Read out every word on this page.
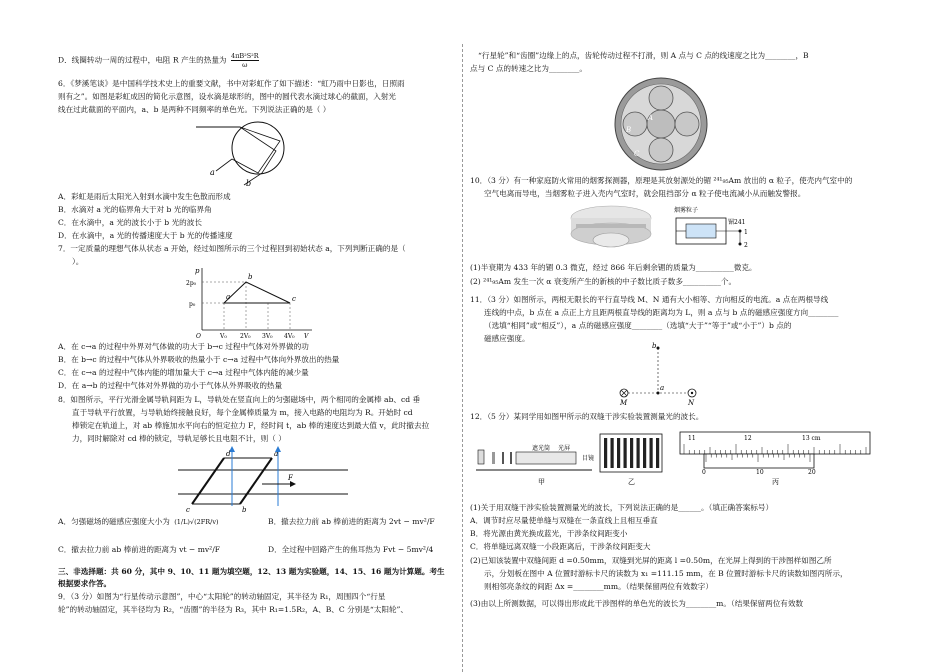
D．线圈转动一周的过程中，电阻 R 产生的热量为 $\frac{\text{4πB²S²R}}{\omega}$
6．《梦溪笔谈》是中国科学技术史上的重要文献，书中对彩虹作了如下描述：“虹乃雨中日影也，日照雨
则有之”。如图是彩虹成因的简化示意图，设水滴是球形的，图中的圆代表水滴过球心的截面，入射光
线在过此截面的平面内，a、b 是两种不同频率的单色光。下列说法正确的是（ ）
a
b
A．彩虹是雨后太阳光入射到水滴中发生色散而形成
B．水滴对 a 光的临界角大于对 b 光的临界角
C．在水滴中，a 光的波长小于 b 光的波长
D．在水滴中，a 光的传播速度大于 b 光的传播速度
7．一定质量的理想气体从状态 a 开始，经过如图所示的三个过程回到初始状态 a，下列判断正确的是（
）。
p
2p₀
p₀
O	V₀ 2V₀ 3V₀ 4V₀ V
a
b
c
A．在 c→a 的过程中外界对气体做的功大于 b→c 过程中气体对外界做的功
B．在 b→c 的过程中气体从外界吸收的热量小于 c→a 过程中气体向外界放出的热量
C．在 c→a 的过程中气体内能的增加量大于 c→a 过程中气体内能的减少量
D．在 a→b 的过程中气体对外界做的功小于气体从外界吸收的热量
8．如图所示，平行光滑金属导轨间距为 L，导轨处在竖直向上的匀强磁场中，两个相同的金属棒 ab、cd 垂
直于导轨平行放置，与导轨始终接触良好，每个金属棒质量为 m，接入电路的电阻均为 R。开始时 cd
棒锁定在轨道上，对 ab 棒施加水平向右的恒定拉力 F，经时间 t，ab 棒的速度达到最大值 v，此时撤去拉
力，同时解除对 cd 棒的锁定，导轨足够长且电阻不计，则（ ）
a
b
c
d
F
A．匀强磁场的磁感应强度大小为 (1/L)√(2FR/v)	B．撤去拉力前 ab 棒前进的距离为 2vt − mv²/F
C．撤去拉力前 ab 棒前进的距离为 vt − mv²/F	D．全过程中回路产生的焦耳热为 Fvt − 5mv²/4
三、非选择题：共 60 分，其中 9、10、11 题为填空题，12、13 题为实验题，14、15、16 题为计算题。考生
根据要求作答。
9．（3 分）如图为“行星传动示意图”，中心“太阳轮”的转动轴固定，其半径为 R₁，周围四个“行星
轮”的转动轴固定，其半径均为 R₂，“齿圈”的半径为 R₃，其中 R₁=1.5R₂，A、B、C 分别是“太阳轮”、
“行星轮”和“齿圈”边缘上的点，齿轮传动过程不打滑，则 A 点与 C 点的线速度之比为________，B
点与 C 点的转速之比为________。
A
B
C
10．（3 分）有一种家庭防火常用的烟雾探测器，原理是其放射源处的镅 ²⁴¹₉₅Am 放出的 α 粒子，使壳内气室中的
空气电离而导电，当烟雾粒子进入壳内气室时，就会阻挡部分 α 粒子使电流减小从而触发警报。
烟雾粒子
镅241
1
2
(1)半衰期为 433 年的镅 0.3 微克，经过 866 年后剩余镅的质量为__________微克。
(2) ²⁴¹₉₅Am 发生一次 α 衰变所产生的新核的中子数比质子数多__________个。
11．（3 分）如图所示，两根无限长的平行直导线 M、N 通有大小相等、方向相反的电流。a 点在两根导线
连线的中点，b 点在 a 点正上方且距两根直导线的距离均为 L，则 a 点与 b 点的磁感应强度方向________
（选填“相同”或“相反”），a 点的磁感应强度________（选填“大于”“等于”或“小于”）b 点的
磁感应强度。
b
a
M	N
12．（5 分）某同学用如图甲所示的双缝干涉实验装置测量光的波长。
遮光筒 光屏
目镜
甲	乙
11	12	13 cm
0	10	20
丙
(1)关于用双缝干涉实验装置测量光的波长，下列说法正确的是______。（填正确答案标号）
A．调节时应尽量使单缝与双缝在一条直线上且相互垂直
B．将光源由黄光换成蓝光，干涉条纹间距变小
C．将单缝远离双缝一小段距离后，干涉条纹间距变大
(2)已知该装置中双缝间距 d =0.50mm，双缝到光屏的距离 l =0.50m，在光屏上得到的干涉图样如图乙所
示，分划板在图中 A 位置时游标卡尺的读数为 x₁ =111.15 mm，在 B 位置时游标卡尺的读数如图丙所示，
则相邻亮条纹的间距 Δx =________mm。（结果保留两位有效数字）
(3)由以上所测数据，可以得出形成此干涉图样的单色光的波长为________m。（结果保留两位有效数
